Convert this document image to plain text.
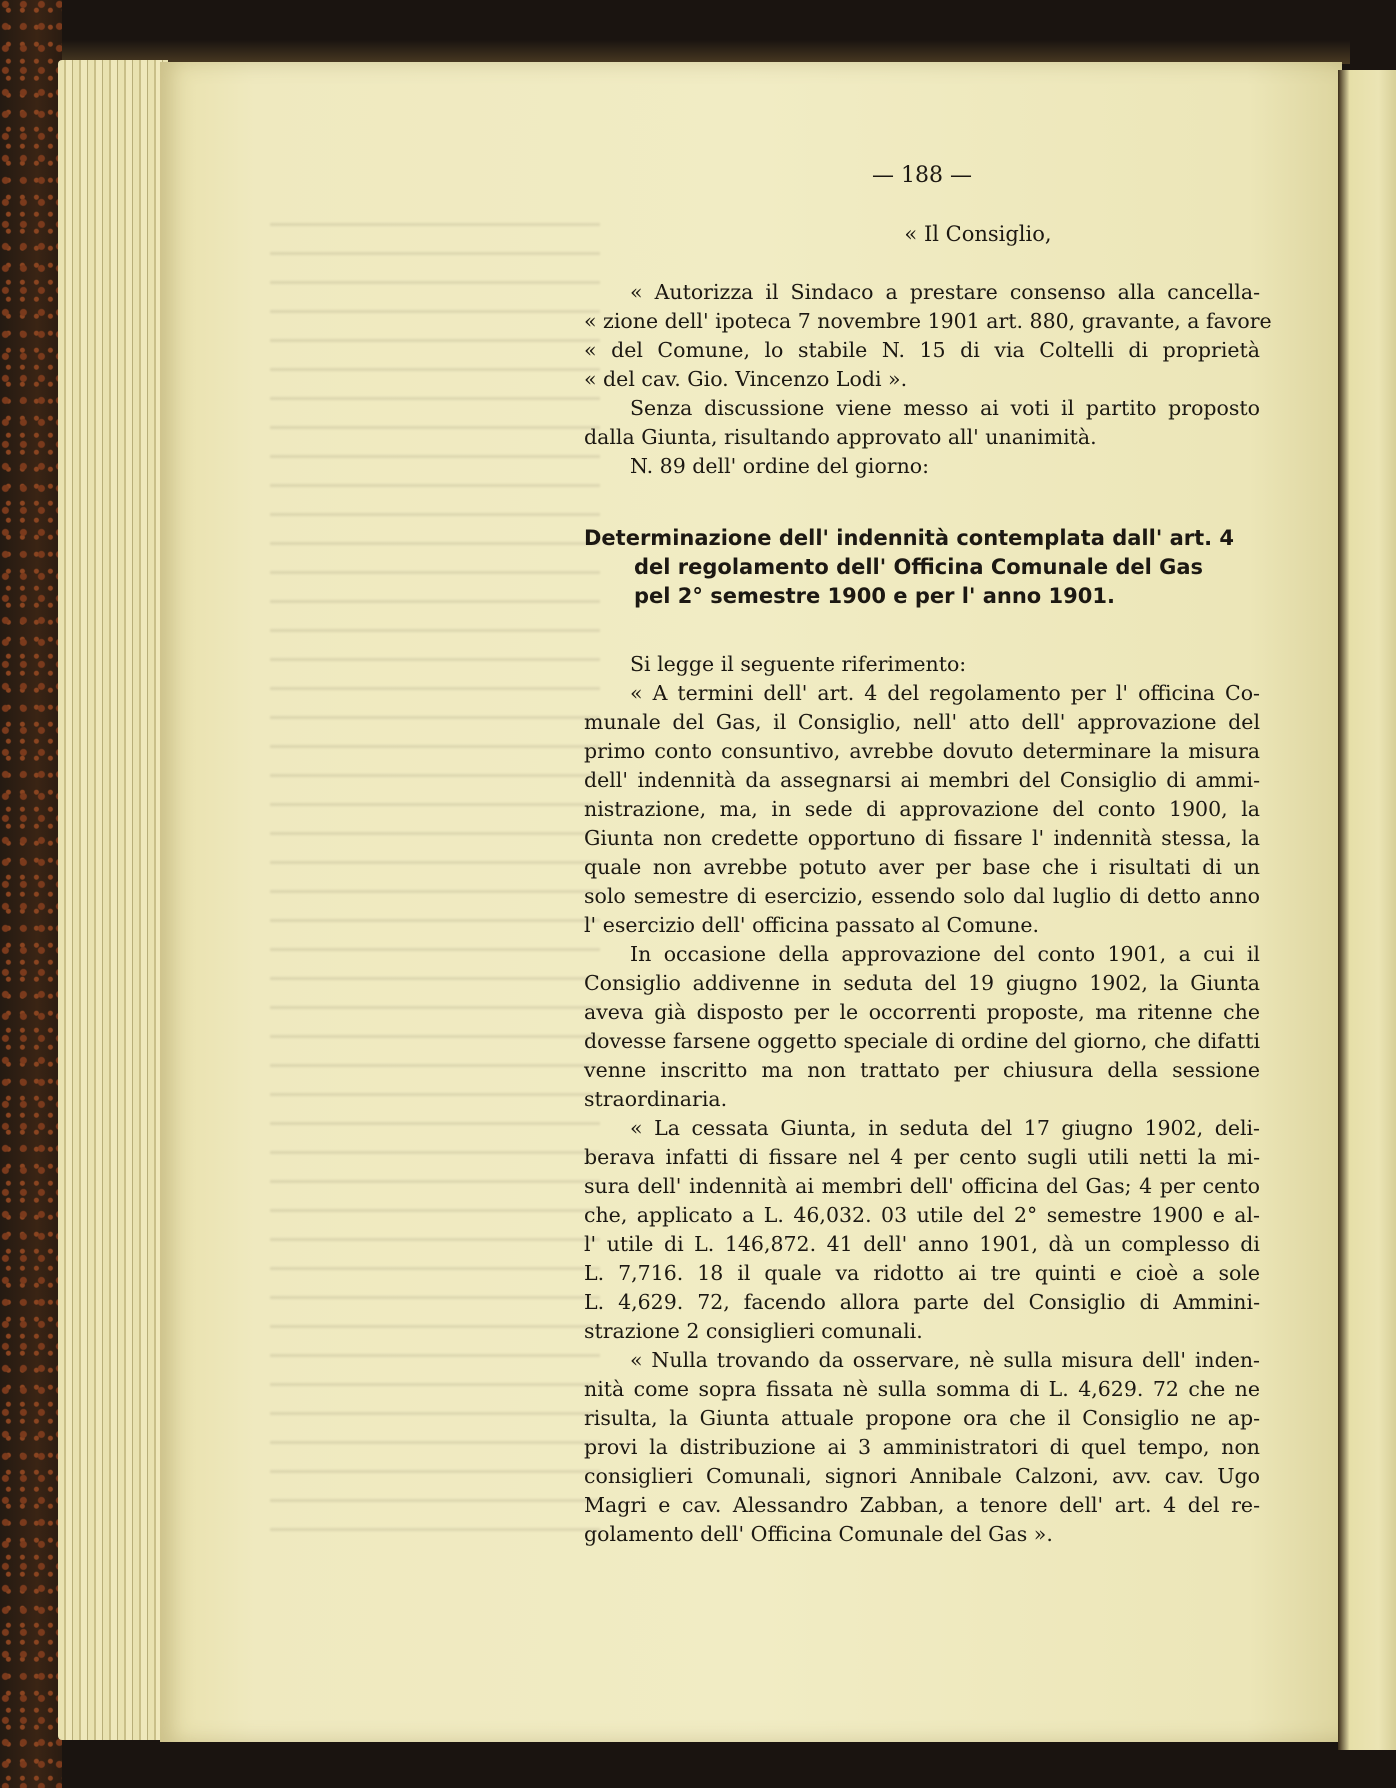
— 188 —
« Il Consiglio,
« Autorizza il Sindaco a prestare consenso alla cancella-
« zione dell' ipoteca 7 novembre 1901 art. 880, gravante, a favore
« del Comune, lo stabile N. 15 di via Coltelli di proprietà
« del cav. Gio. Vincenzo Lodi ».
Senza discussione viene messo ai voti il partito proposto
dalla Giunta, risultando approvato all' unanimità.
N. 89 dell' ordine del giorno:
Determinazione dell' indennità contemplata dall' art. 4
del regolamento dell' Officina Comunale del Gas
pel 2° semestre 1900 e per l' anno 1901.
Si legge il seguente riferimento:
« A termini dell' art. 4 del regolamento per l' officina Co-
munale del Gas, il Consiglio, nell' atto dell' approvazione del
primo conto consuntivo, avrebbe dovuto determinare la misura
dell' indennità da assegnarsi ai membri del Consiglio di ammi-
nistrazione, ma, in sede di approvazione del conto 1900, la
Giunta non credette opportuno di fissare l' indennità stessa, la
quale non avrebbe potuto aver per base che i risultati di un
solo semestre di esercizio, essendo solo dal luglio di detto anno
l' esercizio dell' officina passato al Comune.
In occasione della approvazione del conto 1901, a cui il
Consiglio addivenne in seduta del 19 giugno 1902, la Giunta
aveva già disposto per le occorrenti proposte, ma ritenne che
dovesse farsene oggetto speciale di ordine del giorno, che difatti
venne inscritto ma non trattato per chiusura della sessione
straordinaria.
« La cessata Giunta, in seduta del 17 giugno 1902, deli-
berava infatti di fissare nel 4 per cento sugli utili netti la mi-
sura dell' indennità ai membri dell' officina del Gas; 4 per cento
che, applicato a L. 46,032. 03 utile del 2° semestre 1900 e al-
l' utile di L. 146,872. 41 dell' anno 1901, dà un complesso di
L. 7,716. 18 il quale va ridotto ai tre quinti e cioè a sole
L. 4,629. 72, facendo allora parte del Consiglio di Ammini-
strazione 2 consiglieri comunali.
« Nulla trovando da osservare, nè sulla misura dell' inden-
nità come sopra fissata nè sulla somma di L. 4,629. 72 che ne
risulta, la Giunta attuale propone ora che il Consiglio ne ap-
provi la distribuzione ai 3 amministratori di quel tempo, non
consiglieri Comunali, signori Annibale Calzoni, avv. cav. Ugo
Magri e cav. Alessandro Zabban, a tenore dell' art. 4 del re-
golamento dell' Officina Comunale del Gas ».
